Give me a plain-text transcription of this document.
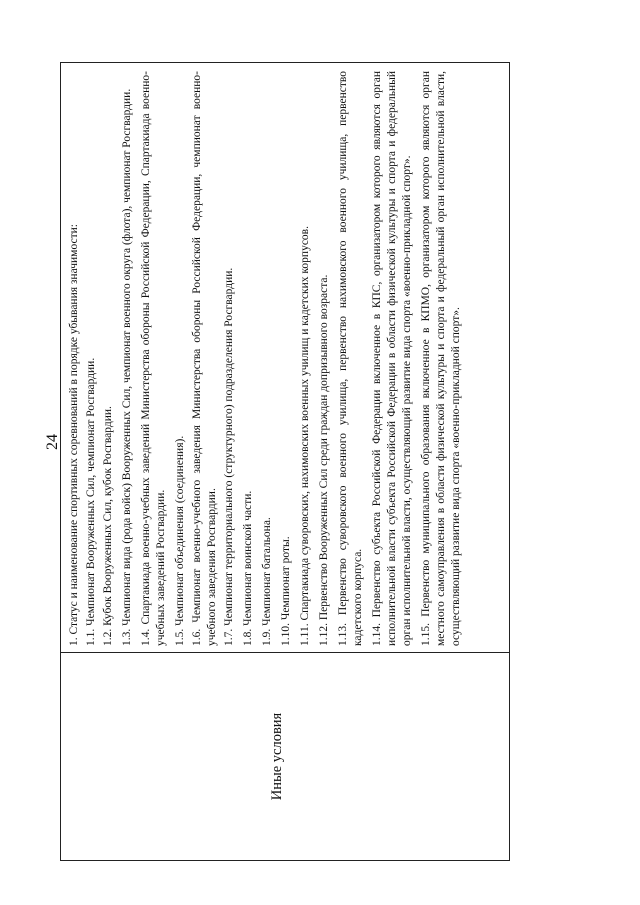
24
Иные условия

1. Статус и наименование спортивных соревнований в порядке убывания значимости: 1.1. Чемпионат Вооруженных Сил, чемпионат Росгвардии. 1.2. Кубок Вооруженных Сил, кубок Росгвардии. 1.3. Чемпионат вида (рода войск) Вооруженных Сил, чемпионат военного округа (флота), чемпионат Росгвардии. 1.4. Спартакиада военно-учебных заведений Министерства обороны Российской Федерации, Спартакиада военно-учебных заведений Росгвардии. 1.5. Чемпионат объединения (соединения). 1.6. Чемпионат военно-учебного заведения Министерства обороны Российской Федерации, чемпионат военно-учебного заведения Росгвардии. 1.7. Чемпионат территориального (структурного) подразделения Росгвардии. 1.8. Чемпионат воинской части. 1.9. Чемпионат батальона. 1.10. Чемпионат роты. 1.11. Спартакиада суворовских, нахимовских военных училищ и кадетских корпусов. 1.12. Первенство Вооруженных Сил среди граждан допризывного возраста. 1.13. Первенство суворовского военного училища, первенство нахимовского военного училища, первенство кадетского корпуса. 1.14. Первенство субъекта Российской Федерации включенное в КПС, организатором которого являются орган исполнительной власти субъекта Российской Федерации в области физической культуры и спорта и федеральный орган исполнительной власти, осуществляющий развитие вида спорта «военно-прикладной спорт». 1.15. Первенство муниципального образования включенное в КПМО, организатором которого являются орган местного самоуправления в области физической культуры и спорта и федеральный орган исполнительной власти, осуществляющий развитие вида спорта «военно-прикладной спорт».
